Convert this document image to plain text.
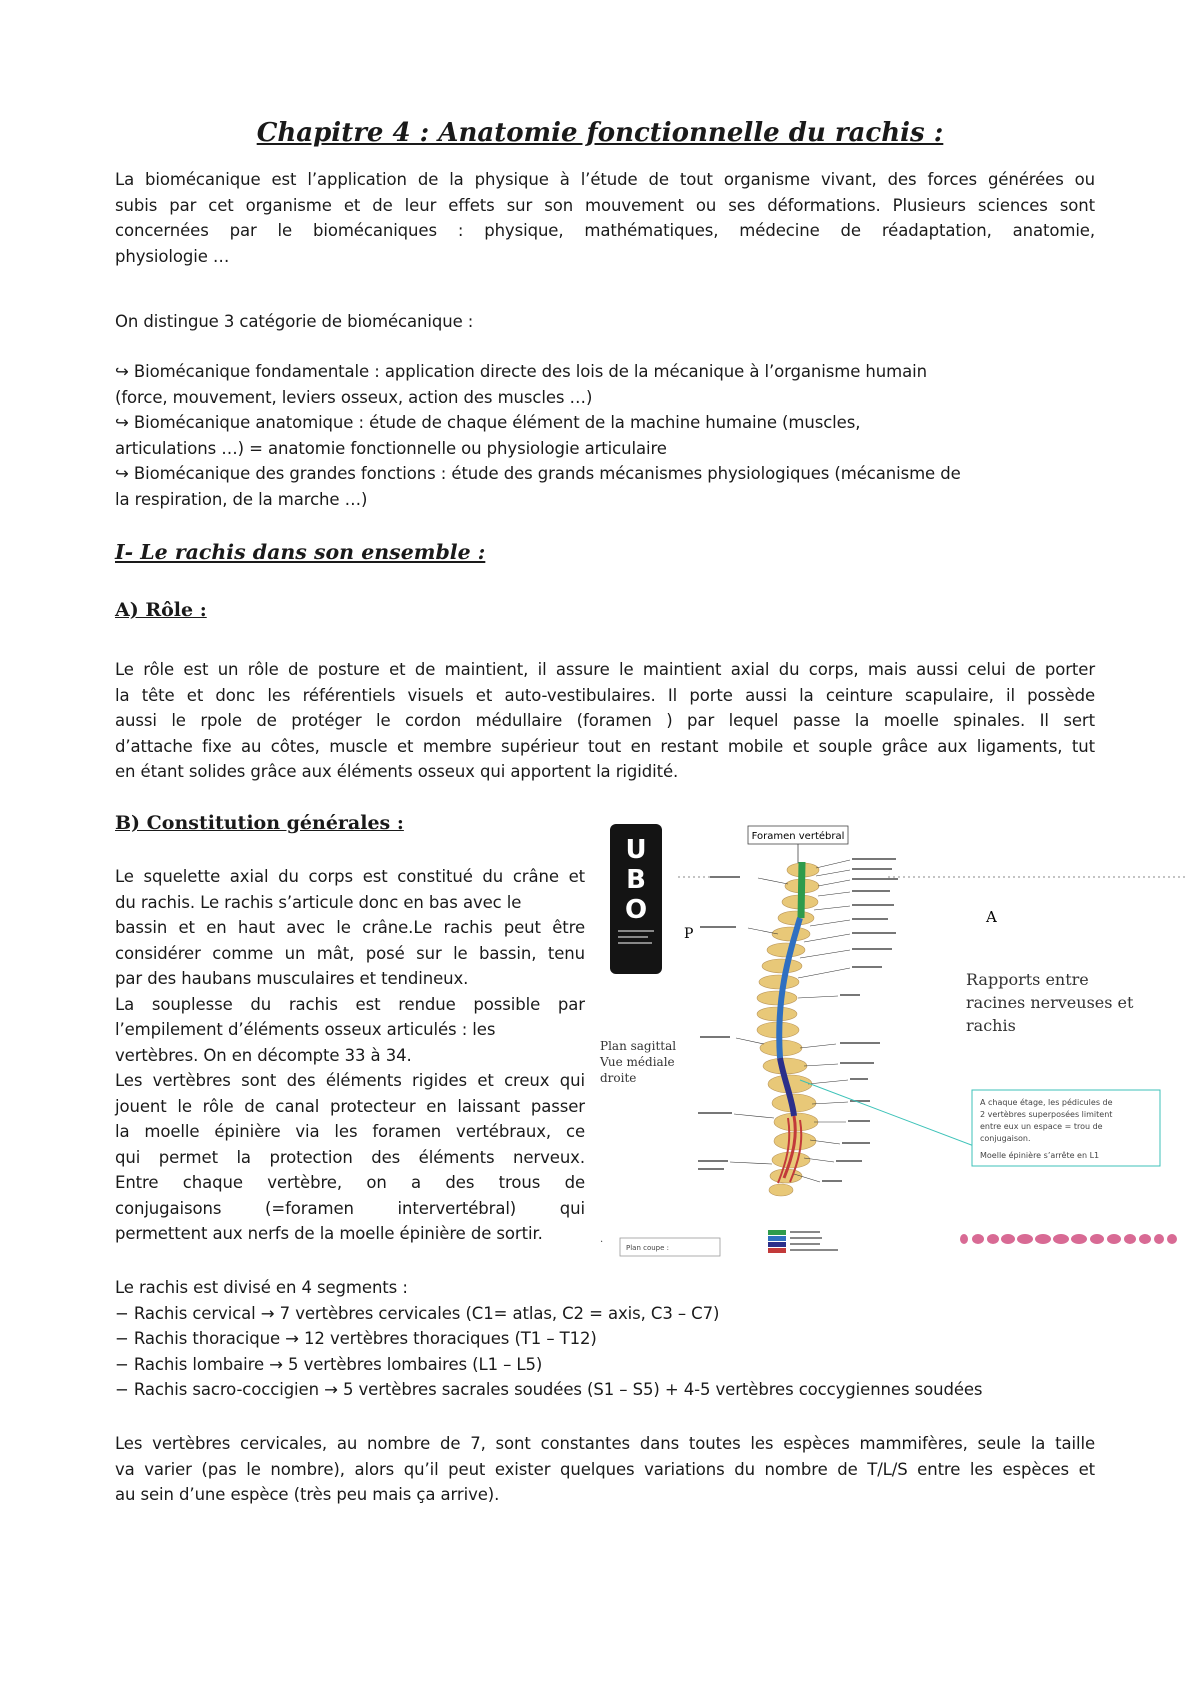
Chapitre 4 : Anatomie fonctionnelle du rachis :
La biomécanique est l’application de la physique à l’étude de tout organisme vivant, des forces générées ou
subis par cet organisme et de leur effets sur son mouvement ou ses déformations. Plusieurs sciences sont
concernées par le biomécaniques : physique, mathématiques, médecine de réadaptation, anatomie,
physiologie …
On distingue 3 catégorie de biomécanique :
↪ Biomécanique fondamentale : application directe des lois de la mécanique à l’organisme humain
(force, mouvement, leviers osseux, action des muscles …)
↪ Biomécanique anatomique : étude de chaque élément de la machine humaine (muscles,
articulations …) = anatomie fonctionnelle ou physiologie articulaire
↪ Biomécanique des grandes fonctions : étude des grands mécanismes physiologiques (mécanisme de
la respiration, de la marche …)
I- Le rachis dans son ensemble :
A) Rôle :
Le rôle est un rôle de posture et de maintient, il assure le maintient axial du corps, mais aussi celui de porter
la tête et donc les référentiels visuels et auto-vestibulaires. Il porte aussi la ceinture scapulaire, il possède
aussi le rpole de protéger le cordon médullaire (foramen ) par lequel passe la moelle spinales. Il sert
d’attache fixe au côtes, muscle et membre supérieur tout en restant mobile et souple grâce aux ligaments, tut
en étant solides grâce aux éléments osseux qui apportent la rigidité.
B) Constitution générales :
Le squelette axial du corps est constitué du crâne et
du rachis. Le rachis s’articule donc en bas avec le
bassin et en haut avec le crâne.Le rachis peut être
considérer comme un mât, posé sur le bassin, tenu
par des haubans musculaires et tendineux.
La souplesse du rachis est rendue possible par
l’empilement d’éléments osseux articulés : les
vertèbres. On en décompte 33 à 34.
Les vertèbres sont des éléments rigides et creux qui
jouent le rôle de canal protecteur en laissant passer
la moelle épinière via les foramen vertébraux, ce
qui permet la protection des éléments nerveux.
Entre chaque vertèbre, on a des trous de
conjugaisons (=foramen intervertébral) qui
permettent aux nerfs de la moelle épinière de sortir.
U
B
O
Foramen vertébral
P
A
Rapports entre
racines nerveuses et
rachis
Plan sagittal
Vue médiale
droite
A chaque étage, les pédicules de
2 vertèbres superposées limitent
entre eux un espace = trou de
conjugaison.
Moelle épinière s’arrête en L1
Plan coupe :
.
Le rachis est divisé en 4 segments :
− Rachis cervical → 7 vertèbres cervicales (C1= atlas, C2 = axis, C3 – C7)
− Rachis thoracique → 12 vertèbres thoraciques (T1 – T12)
− Rachis lombaire → 5 vertèbres lombaires (L1 – L5)
− Rachis sacro-coccigien → 5 vertèbres sacrales soudées (S1 – S5) + 4-5 vertèbres coccygiennes soudées
Les vertèbres cervicales, au nombre de 7, sont constantes dans toutes les espèces mammifères, seule la taille
va varier (pas le nombre), alors qu’il peut exister quelques variations du nombre de T/L/S entre les espèces et
au sein d’une espèce (très peu mais ça arrive).
